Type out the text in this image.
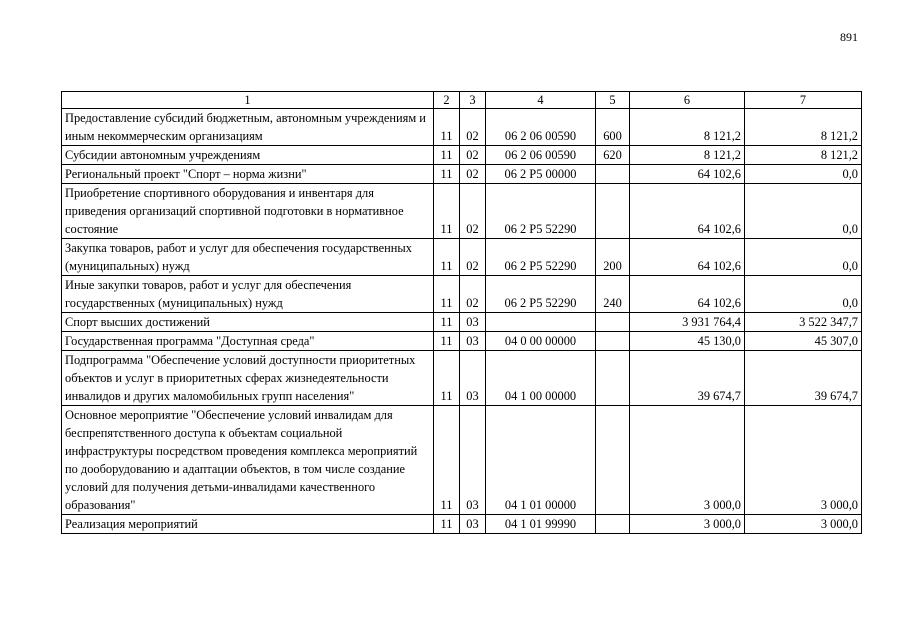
891
1	2	3	4	5	6	7
Предоставление субсидий бюджетным, автономным учреждениям и иным некоммерческим организациям	11	02	06 2 06 00590	600	8 121,2	8 121,2
Субсидии автономным учреждениям	11	02	06 2 06 00590	620	8 121,2	8 121,2
Региональный проект "Спорт – норма жизни"	11	02	06 2 P5 00000		64 102,6	0,0
Приобретение спортивного оборудования и инвентаря для приведения организаций спортивной подготовки в нормативное состояние	11	02	06 2 P5 52290		64 102,6	0,0
Закупка товаров, работ и услуг для обеспечения государственных (муниципальных) нужд	11	02	06 2 P5 52290	200	64 102,6	0,0
Иные закупки товаров, работ и услуг для обеспечения государственных (муниципальных) нужд	11	02	06 2 P5 52290	240	64 102,6	0,0
Спорт высших достижений	11	03			3 931 764,4	3 522 347,7
Государственная программа "Доступная среда"	11	03	04 0 00 00000		45 130,0	45 307,0
Подпрограмма "Обеспечение условий доступности приоритетных объектов и услуг в приоритетных сферах жизнедеятельности инвалидов и других маломобильных групп населения"	11	03	04 1 00 00000		39 674,7	39 674,7
Основное мероприятие "Обеспечение условий инвалидам для беспрепятственного доступа к объектам социальной инфраструктуры посредством проведения комплекса мероприятий по дооборудованию и адаптации объектов, в том числе создание условий для получения детьми-инвалидами качественного образования"	11	03	04 1 01 00000		3 000,0	3 000,0
Реализация мероприятий	11	03	04 1 01 99990		3 000,0	3 000,0
